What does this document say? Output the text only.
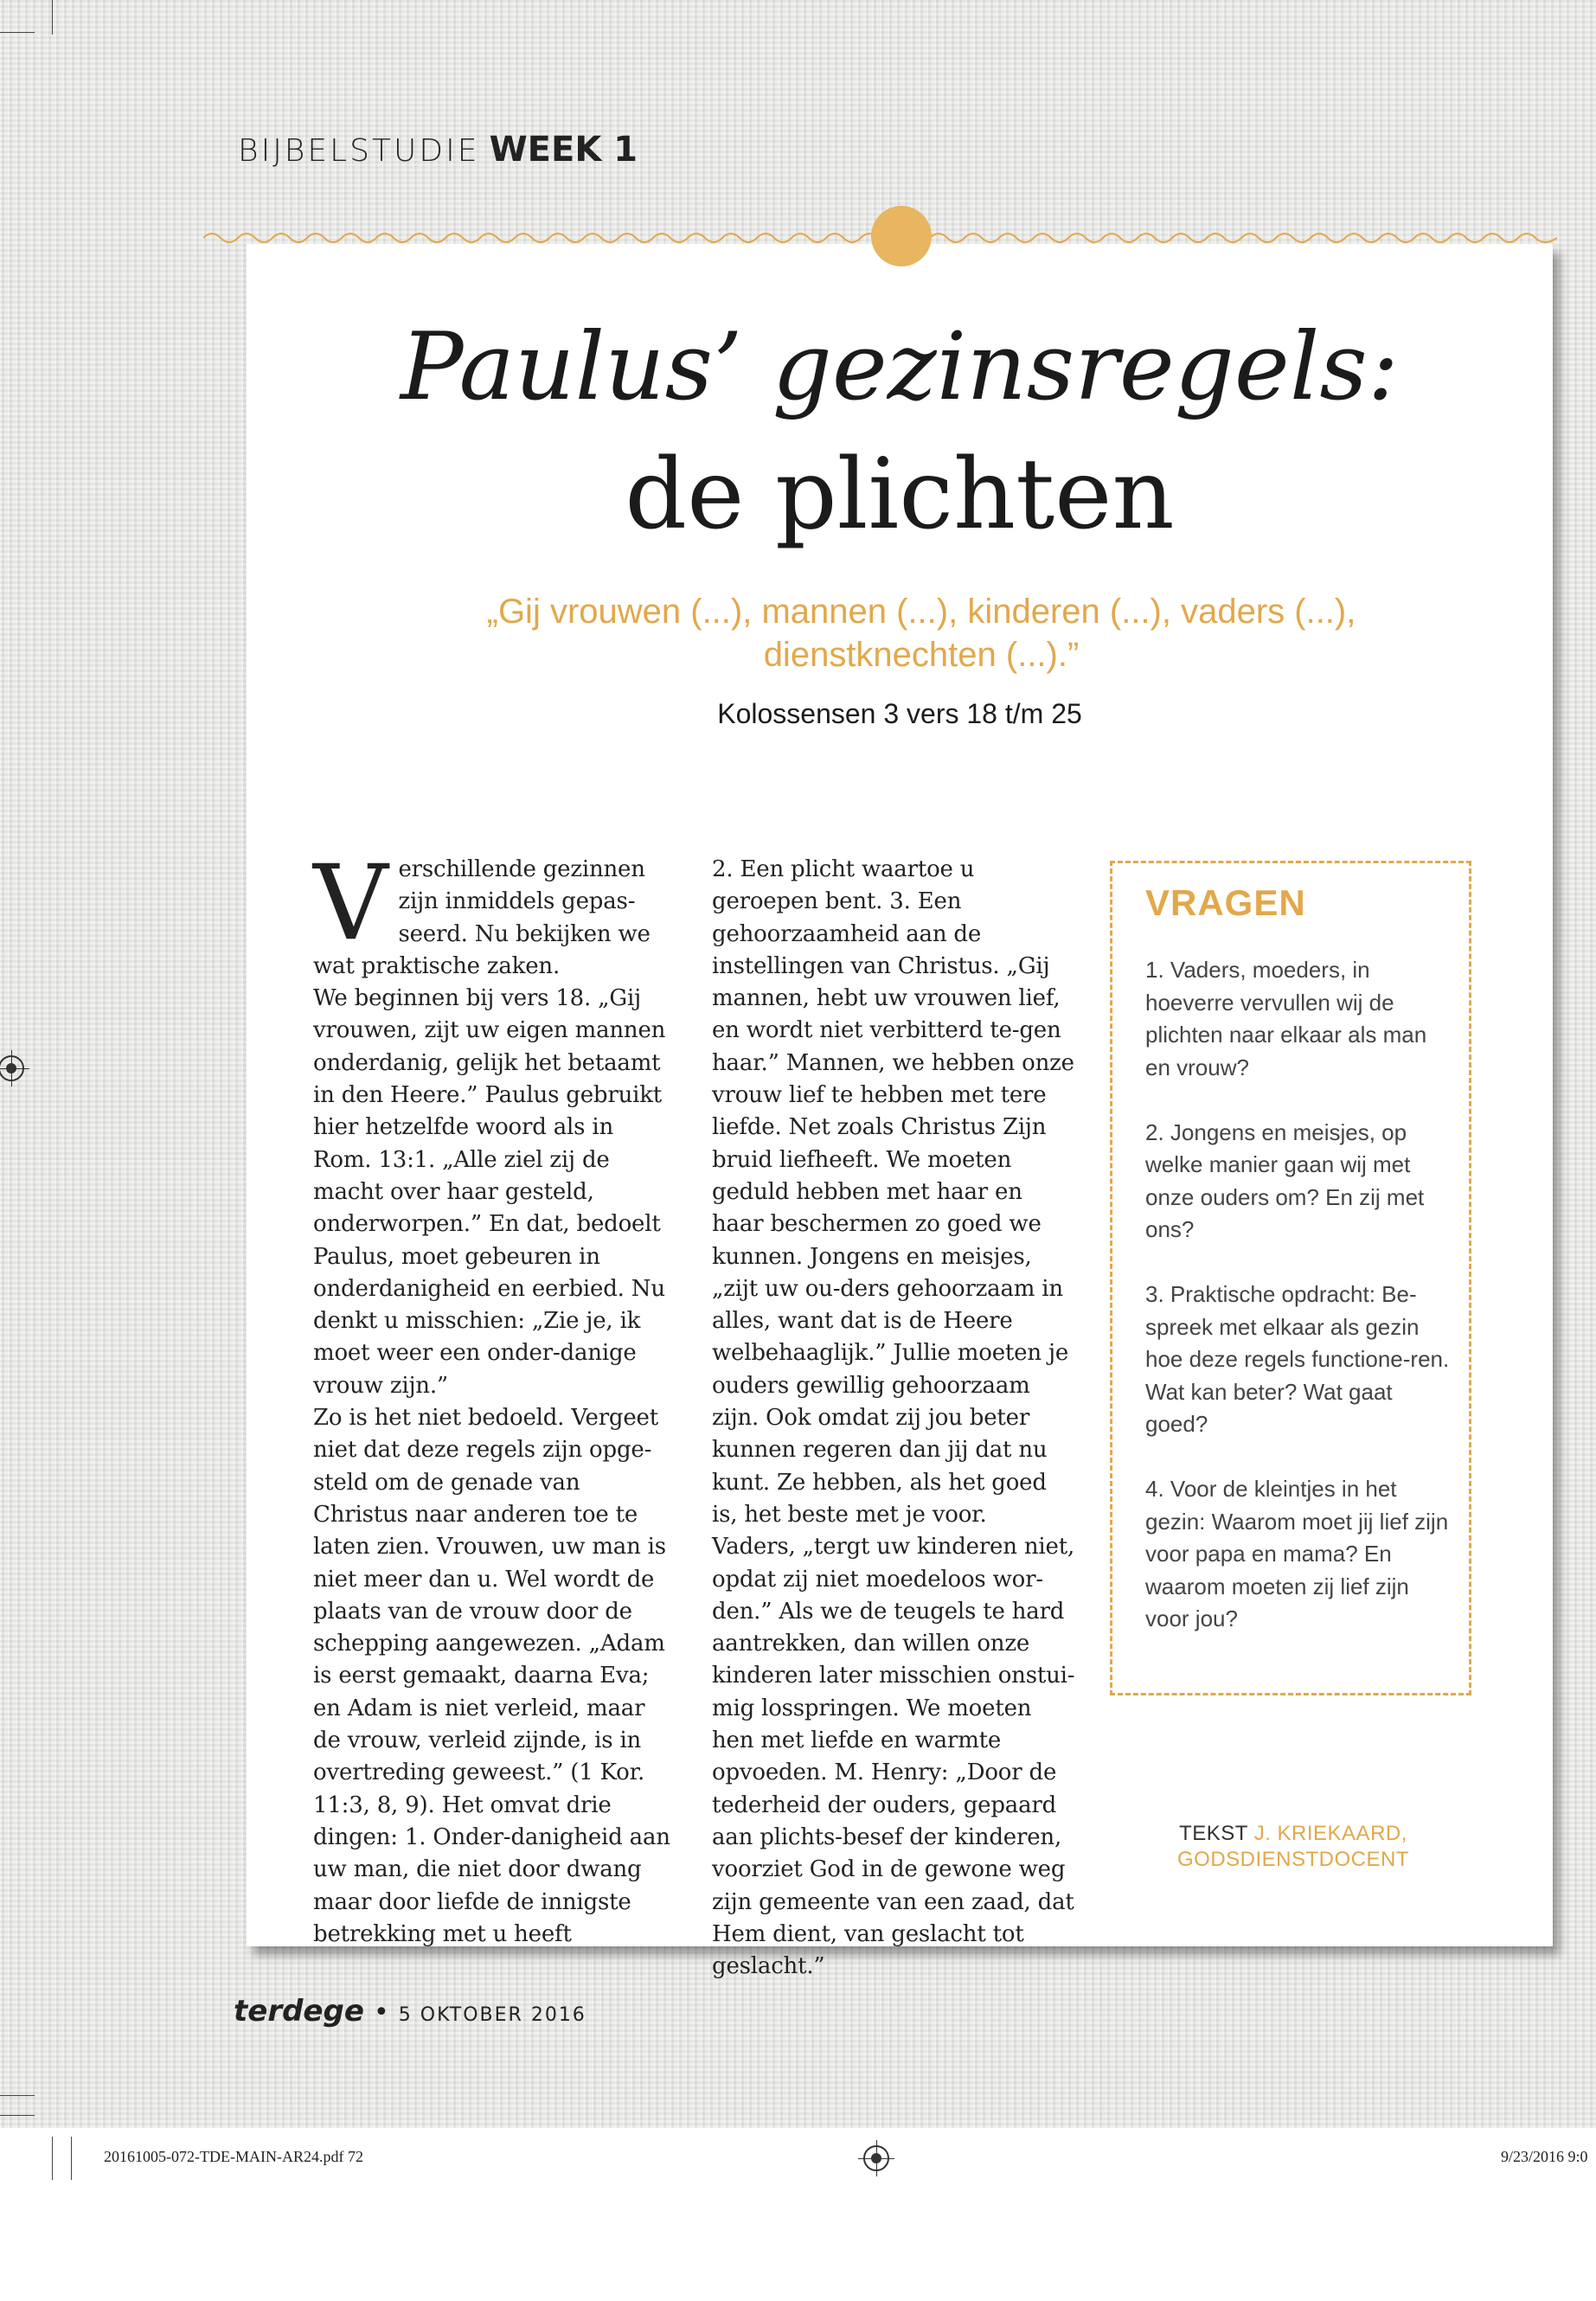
BIJBELSTUDIE WEEK 1
Paulus’ gezinsregels:
de plichten
„Gij vrouwen (...), mannen (...), kinderen (...), vaders (...), dienstknechten (...).”
Kolossensen 3 vers 18 t/m 25
V erschillende gezinnen zijn inmiddels gepas-seerd. Nu bekijken we wat praktische zaken.

We beginnen bij vers 18. „Gij vrouwen, zijt uw eigen mannen onderdanig, gelijk het betaamt in den Heere.” Paulus gebruikt hier hetzelfde woord als in Rom. 13:1. „Alle ziel zij de macht over haar gesteld, onderworpen.” En dat, bedoelt Paulus, moet gebeuren in onderdanigheid en eerbied. Nu denkt u misschien: „Zie je, ik moet weer een onder-danige vrouw zijn.”

Zo is het niet bedoeld. Vergeet niet dat deze regels zijn opge-steld om de genade van Christus naar anderen toe te laten zien. Vrouwen, uw man is niet meer dan u. Wel wordt de plaats van de vrouw door de schepping aangewezen. „Adam is eerst gemaakt, daarna Eva; en Adam is niet verleid, maar de vrouw, verleid zijnde, is in overtreding geweest.” (1 Kor. 11:3, 8, 9). Het omvat drie dingen: 1. Onder-danigheid aan uw man, die niet door dwang maar door liefde de innigste betrekking met u heeft

2. Een plicht waartoe u geroepen bent. 3. Een gehoorzaamheid aan de instellingen van Christus. „Gij mannen, hebt uw vrouwen lief, en wordt niet verbitterd te-gen haar.” Mannen, we hebben onze vrouw lief te hebben met tere liefde. Net zoals Christus Zijn bruid liefheeft. We moeten geduld hebben met haar en haar beschermen zo goed we kunnen. Jongens en meisjes, „zijt uw ou-ders gehoorzaam in alles, want dat is de Heere welbehaaglijk.” Jullie moeten je ouders gewillig gehoorzaam zijn. Ook omdat zij jou beter kunnen regeren dan jij dat nu kunt. Ze hebben, als het goed is, het beste met je voor. Vaders, „tergt uw kinderen niet, opdat zij niet moedeloos wor-den.” Als we de teugels te hard aantrekken, dan willen onze kinderen later misschien onstui-mig losspringen. We moeten hen met liefde en warmte opvoeden. M. Henry: „Door de tederheid der ouders, gepaard aan plichts-besef der kinderen, voorziet God in de gewone weg zijn gemeente van een zaad, dat Hem dient, van geslacht tot geslacht.”

VRAGEN

1. Vaders, moeders, in hoeverre vervullen wij de plichten naar elkaar als man en vrouw?

2. Jongens en meisjes, op welke manier gaan wij met onze ouders om? En zij met ons?

3. Praktische opdracht: Be-spreek met elkaar als gezin hoe deze regels functione-ren. Wat kan beter? Wat gaat goed?

4. Voor de kleintjes in het gezin: Waarom moet jij lief zijn voor papa en mama? En waarom moeten zij lief zijn voor jou?

TEKST J. KRIEKAARD,
GODSDIENSTDOCENT
terdege • 5 OKTOBER 2016
20161005-072-TDE-MAIN-AR24.pdf 72	9/23/2016 9:0
